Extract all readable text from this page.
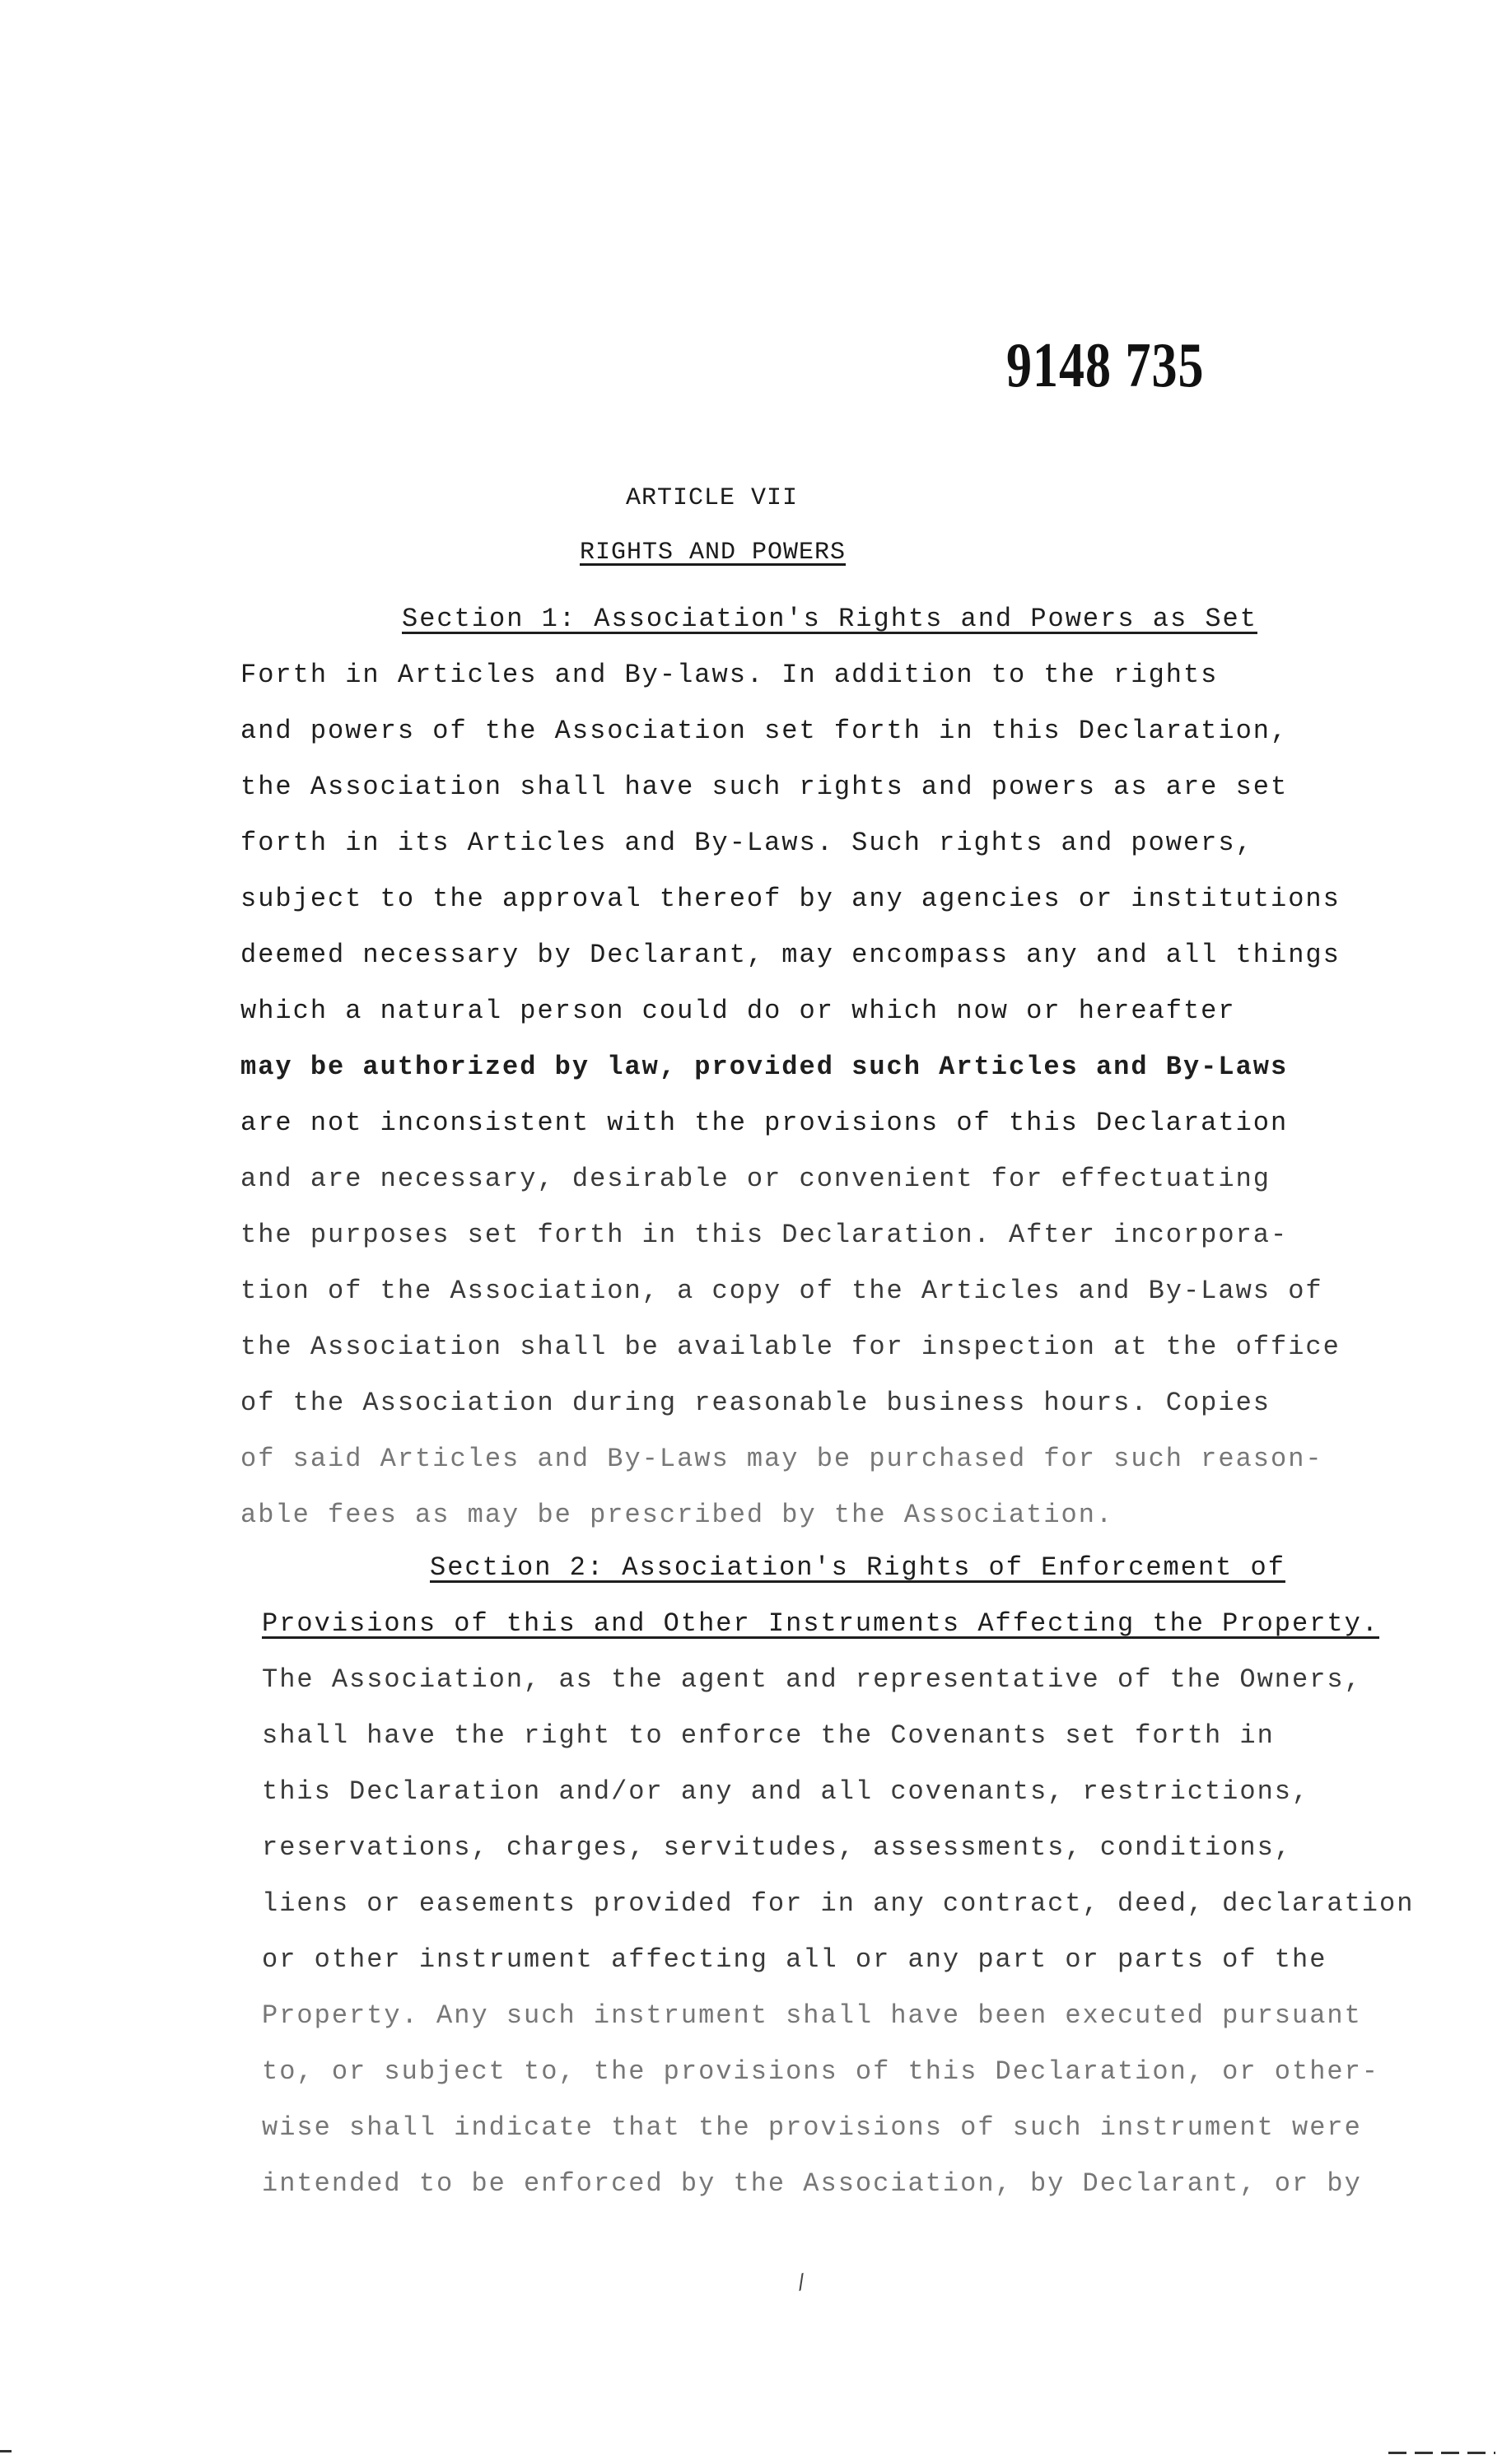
9148 735
ARTICLE VII
RIGHTS AND POWERS
Section 1: Association's Rights and Powers as Set
Forth in Articles and By-laws. In addition to the rights
and powers of the Association set forth in this Declaration,
the Association shall have such rights and powers as are set
forth in its Articles and By-Laws. Such rights and powers,
subject to the approval thereof by any agencies or institutions
deemed necessary by Declarant, may encompass any and all things
which a natural person could do or which now or hereafter
may be authorized by law, provided such Articles and By-Laws
are not inconsistent with the provisions of this Declaration
and are necessary, desirable or convenient for effectuating
the purposes set forth in this Declaration. After incorpora-
tion of the Association, a copy of the Articles and By-Laws of
the Association shall be available for inspection at the office
of the Association during reasonable business hours. Copies
of said Articles and By-Laws may be purchased for such reason-
able fees as may be prescribed by the Association.
Section 2: Association's Rights of Enforcement of
Provisions of this and Other Instruments Affecting the Property.
The Association, as the agent and representative of the Owners,
shall have the right to enforce the Covenants set forth in
this Declaration and/or any and all covenants, restrictions,
reservations, charges, servitudes, assessments, conditions,
liens or easements provided for in any contract, deed, declaration
or other instrument affecting all or any part or parts of the
Property. Any such instrument shall have been executed pursuant
to, or subject to, the provisions of this Declaration, or other-
wise shall indicate that the provisions of such instrument were
intended to be enforced by the Association, by Declarant, or by
/
